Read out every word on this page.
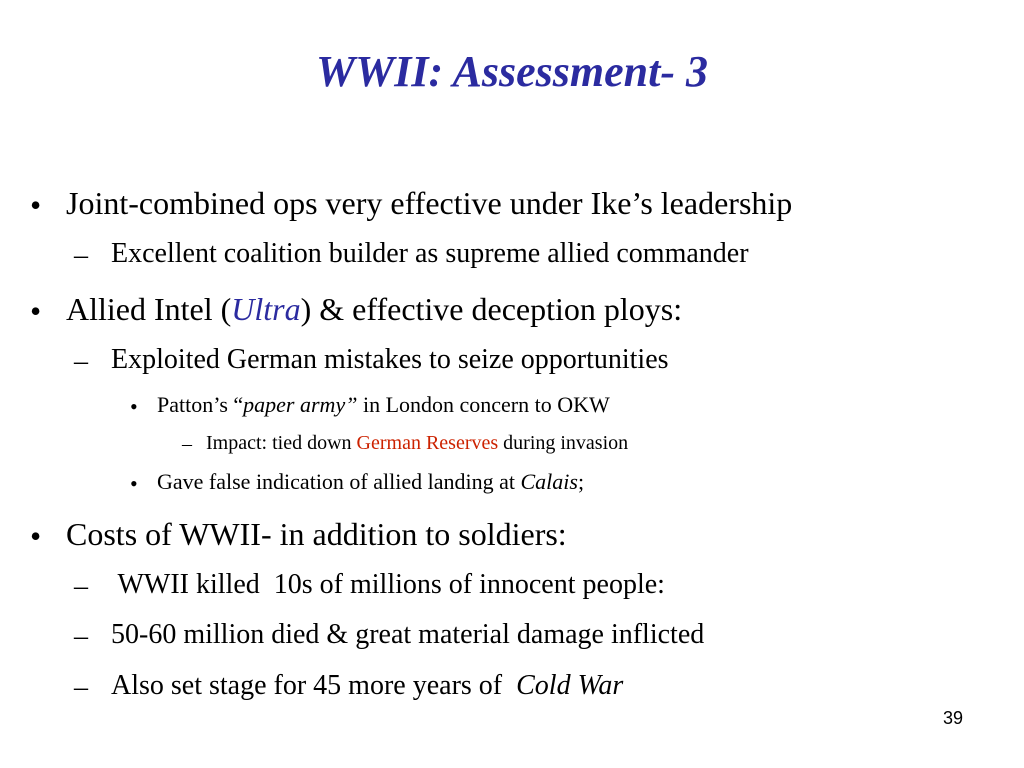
WWII: Assessment- 3
• Joint-combined ops very effective under Ike’s leadership
– Excellent coalition builder as supreme allied commander
• Allied Intel (Ultra) & effective deception ploys:
– Exploited German mistakes to seize opportunities
• Patton’s “paper army” in London concern to OKW
– Impact: tied down German Reserves during invasion
• Gave false indication of allied landing at Calais;
• Costs of WWII- in addition to soldiers:
– WWII killed  10s of millions of innocent people:
– 50-60 million died & great material damage inflicted
– Also set stage for 45 more years of  Cold War
39
